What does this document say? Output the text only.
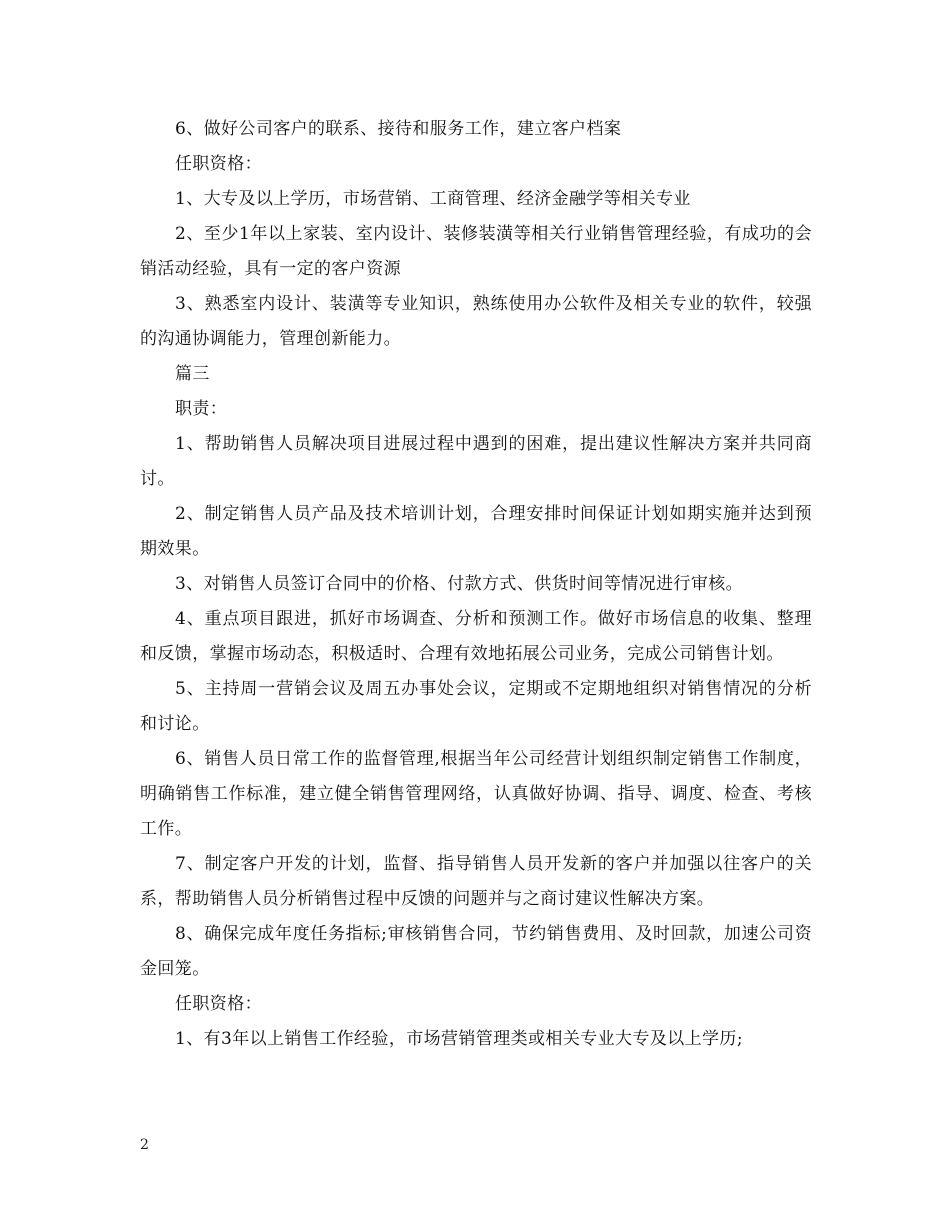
6、做好公司客户的联系、接待和服务工作，建立客户档案

任职资格：

1、大专及以上学历，市场营销、工商管理、经济金融学等相关专业

2、至少1年以上家装、室内设计、装修装潢等相关行业销售管理经验，有成功的会销活动经验，具有一定的客户资源

3、熟悉室内设计、装潢等专业知识，熟练使用办公软件及相关专业的软件，较强的沟通协调能力，管理创新能力。

篇三

职责：

1、帮助销售人员解决项目进展过程中遇到的困难，提出建议性解决方案并共同商讨。

2、制定销售人员产品及技术培训计划，合理安排时间保证计划如期实施并达到预期效果。

3、对销售人员签订合同中的价格、付款方式、供货时间等情况进行审核。

4、重点项目跟进，抓好市场调查、分析和预测工作。做好市场信息的收集、整理和反馈，掌握市场动态，积极适时、合理有效地拓展公司业务，完成公司销售计划。

5、主持周一营销会议及周五办事处会议，定期或不定期地组织对销售情况的分析和讨论。

6、销售人员日常工作的监督管理,根据当年公司经营计划组织制定销售工作制度，明确销售工作标准，建立健全销售管理网络，认真做好协调、指导、调度、检查、考核工作。

7、制定客户开发的计划，监督、指导销售人员开发新的客户并加强以往客户的关系，帮助销售人员分析销售过程中反馈的问题并与之商讨建议性解决方案。

8、确保完成年度任务指标;审核销售合同，节约销售费用、及时回款，加速公司资金回笼。

任职资格：

1、有3年以上销售工作经验，市场营销管理类或相关专业大专及以上学历;

2
